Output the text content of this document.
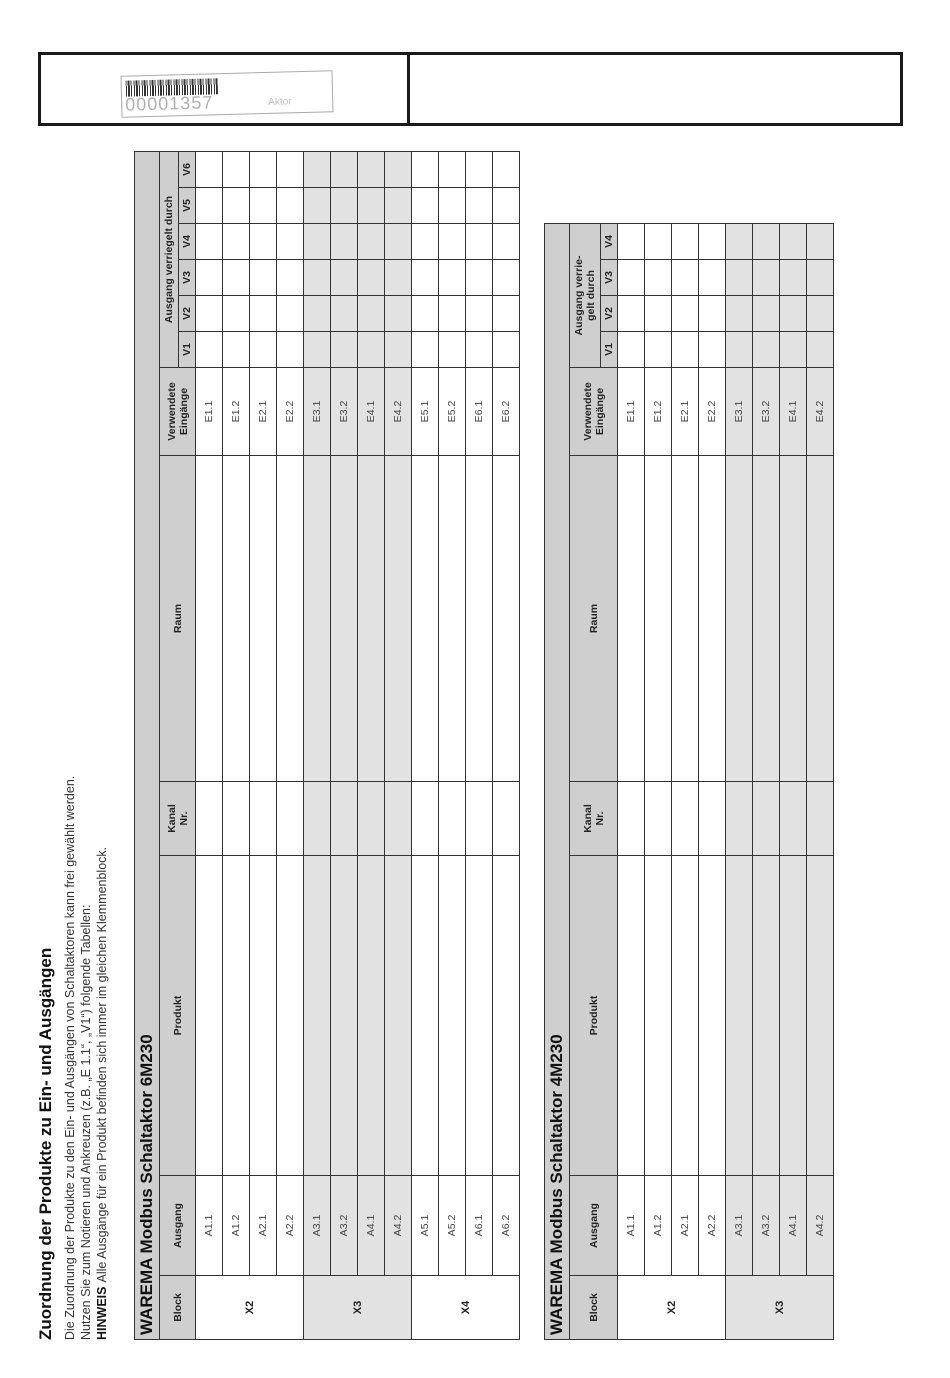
00001357	Aktor
Zuordnung der Produkte zu Ein- und Ausgängen Die Zuordnung der Produkte zu den Ein- und Ausgängen von Schaltaktoren kann frei gewählt werden. Nutzen Sie zum Notieren und Ankreuzen (z.B. „E 1.1“, „V1“) folgende Tabellen: HINWEISAlle Ausgänge für ein Produkt befinden sich immer im gleichen Klemmenblock. WAREMA Modbus Schaltaktor 6M230Block	Ausgang	Produkt	Kanal
Nr.	Raum	Verwendete
Eingänge	Ausgang verriegelt durch					
						V1	V2	V3	V4	V5	V6
X2	A1.1				E1.1						
	A1.2				E1.2						
	A2.1				E2.1						
	A2.2				E2.2						
X3	A3.1				E3.1						
	A3.2				E3.2						
	A4.1				E4.1						
	A4.2				E4.2						
X4	A5.1				E5.1						
	A5.2				E5.2						
	A6.1				E6.1						
	A6.2				E6.2						
WAREMA Modbus Schaltaktor 4M230Block	Ausgang	Produkt	Kanal
Nr.	Raum	Verwendete
Eingänge	Ausgang verrie-
gelt durch			
						V1	V2	V3	V4
X2	A1.1				E1.1				
	A1.2				E1.2				
	A2.1				E2.1				
	A2.2				E2.2				
X3	A3.1				E3.1				
	A3.2				E3.2				
	A4.1				E4.1				
	A4.2				E4.2				
